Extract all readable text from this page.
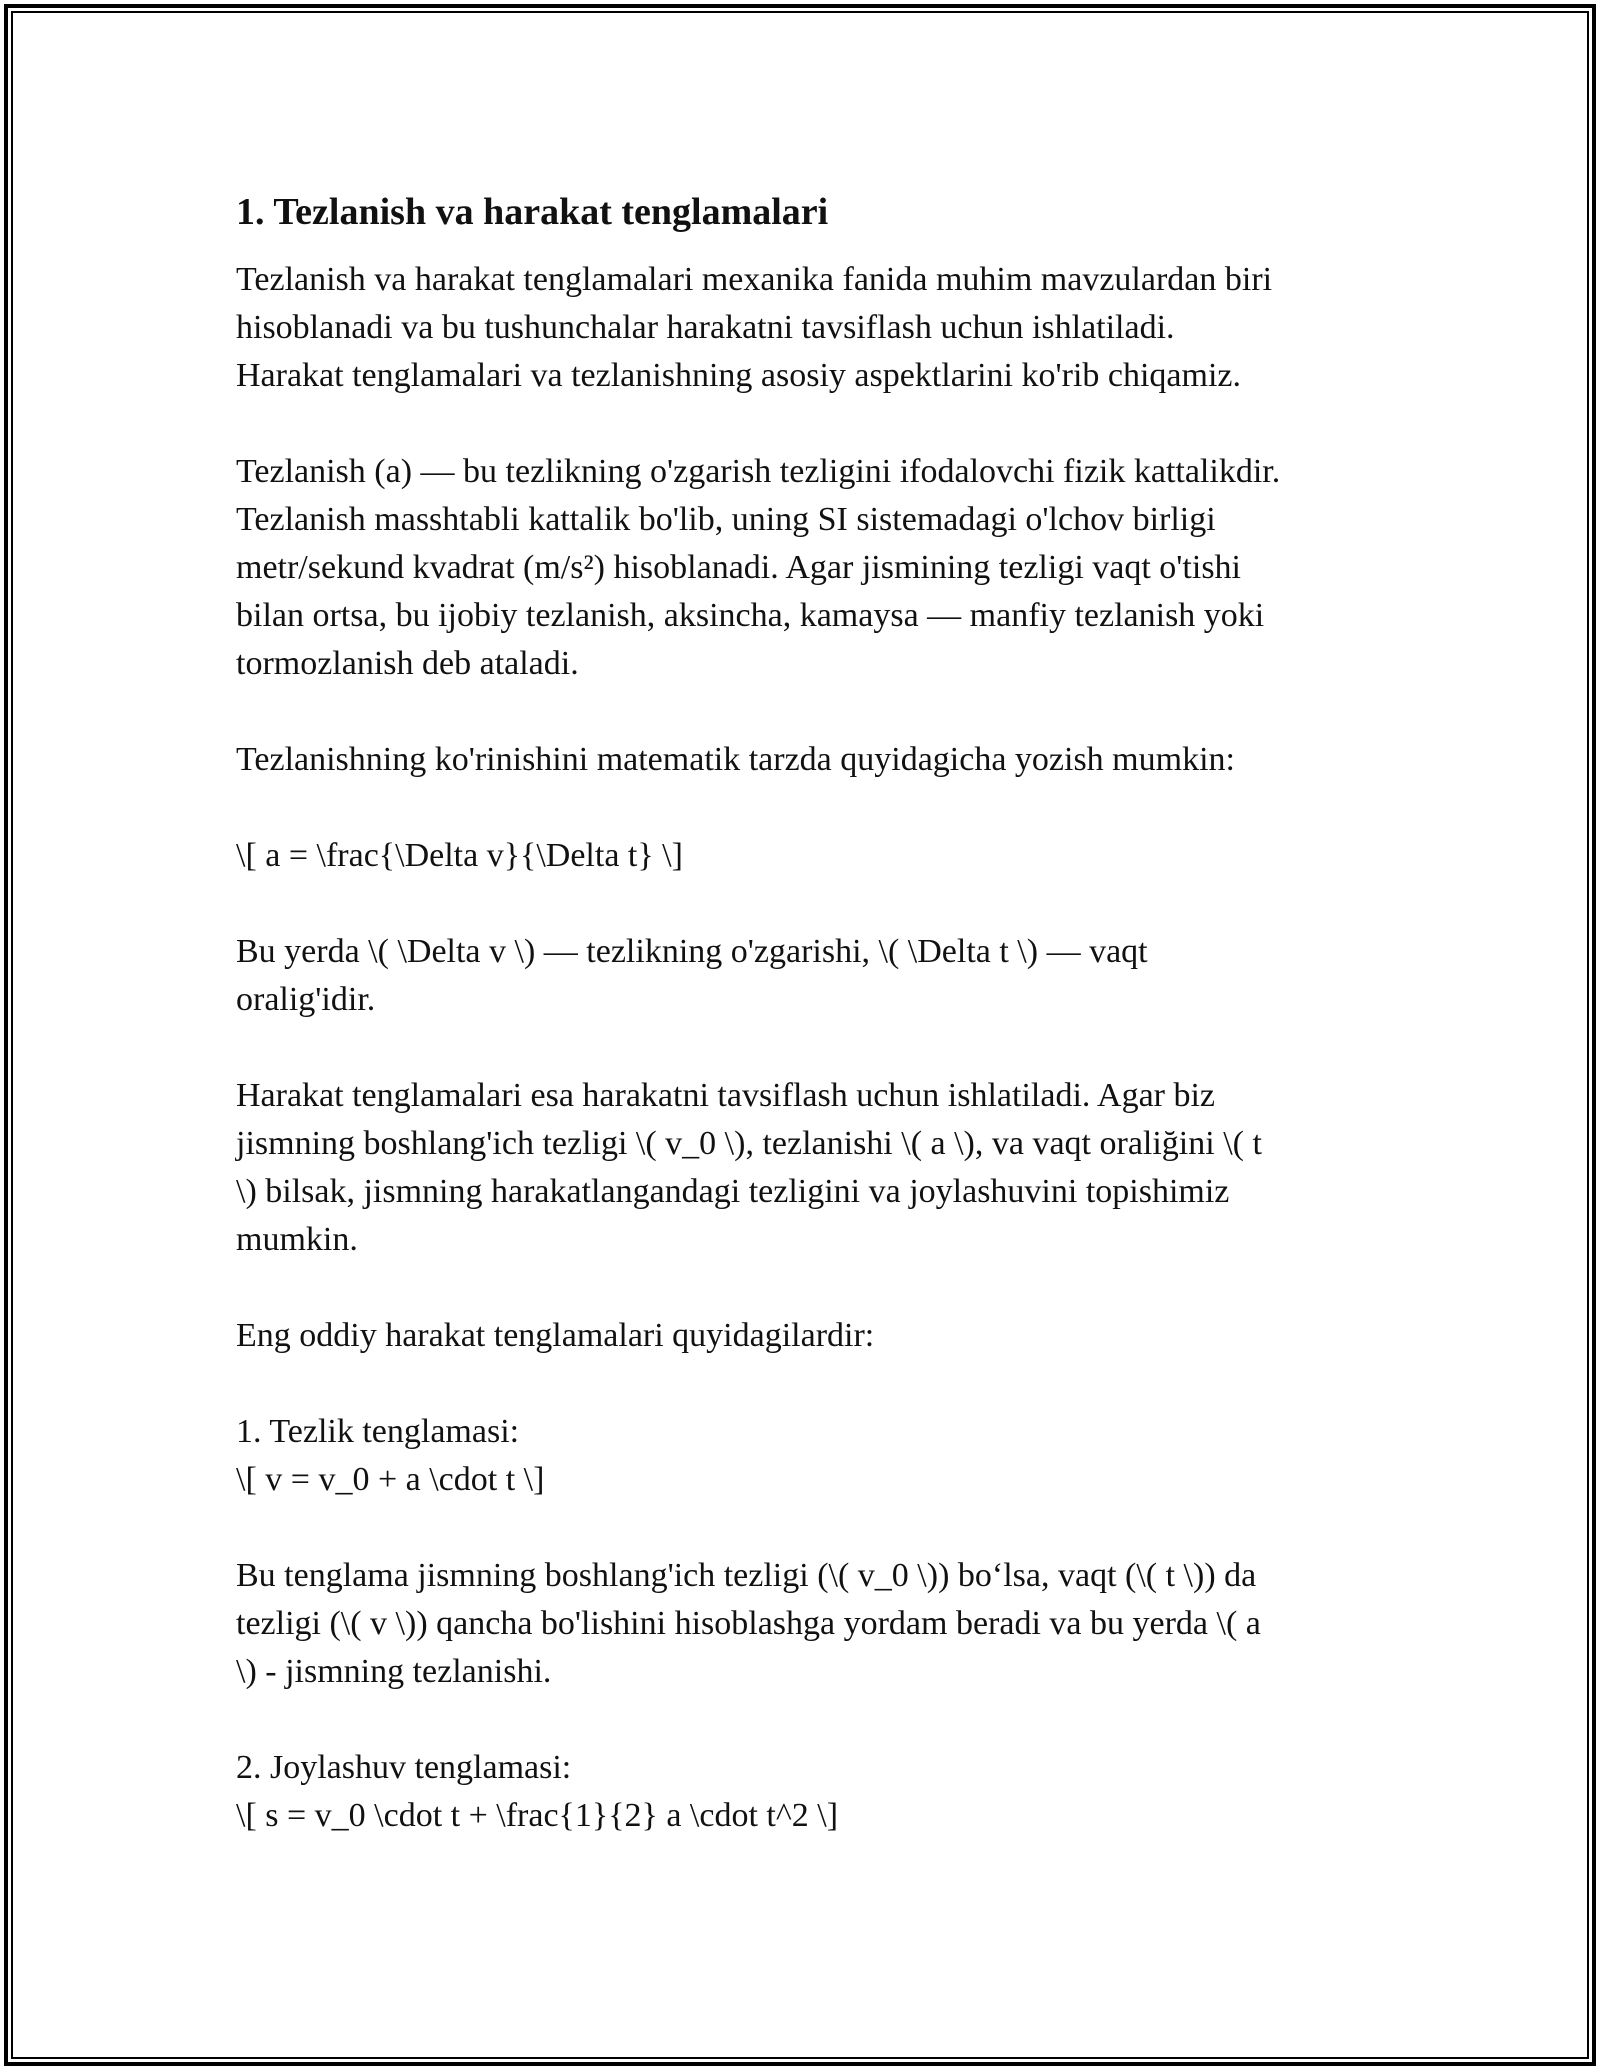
1. Tezlanish va harakat tenglamalari

Tezlanish va harakat tenglamalari mexanika fanida muhim mavzulardan biri
hisoblanadi va bu tushunchalar harakatni tavsiflash uchun ishlatiladi.
Harakat tenglamalari va tezlanishning asosiy aspektlarini ko'rib chiqamiz.

Tezlanish (a) — bu tezlikning o'zgarish tezligini ifodalovchi fizik kattalikdir.
Tezlanish masshtabli kattalik bo'lib, uning SI sistemadagi o'lchov birligi
metr/sekund kvadrat (m/s²) hisoblanadi. Agar jismining tezligi vaqt o'tishi
bilan ortsa, bu ijobiy tezlanish, aksincha, kamaysa — manfiy tezlanish yoki
tormozlanish deb ataladi.

Tezlanishning ko'rinishini matematik tarzda quyidagicha yozish mumkin:

\[ a = \frac{\Delta v}{\Delta t} \]

Bu yerda \( \Delta v \) — tezlikning o'zgarishi, \( \Delta t \) — vaqt
oralig'idir.

Harakat tenglamalari esa harakatni tavsiflash uchun ishlatiladi. Agar biz
jismning boshlang'ich tezligi \( v_0 \), tezlanishi \( a \), va vaqt oraliğini \( t
\) bilsak, jismning harakatlangandagi tezligini va joylashuvini topishimiz
mumkin.

Eng oddiy harakat tenglamalari quyidagilardir:

1. Tezlik tenglamasi:
\[ v = v_0 + a \cdot t \]

Bu tenglama jismning boshlang'ich tezligi (\( v_0 \)) bo‘lsa, vaqt (\( t \)) da
tezligi (\( v \)) qancha bo'lishini hisoblashga yordam beradi va bu yerda \( a
\) - jismning tezlanishi.

2. Joylashuv tenglamasi:
\[ s = v_0 \cdot t + \frac{1}{2} a \cdot t^2 \]
